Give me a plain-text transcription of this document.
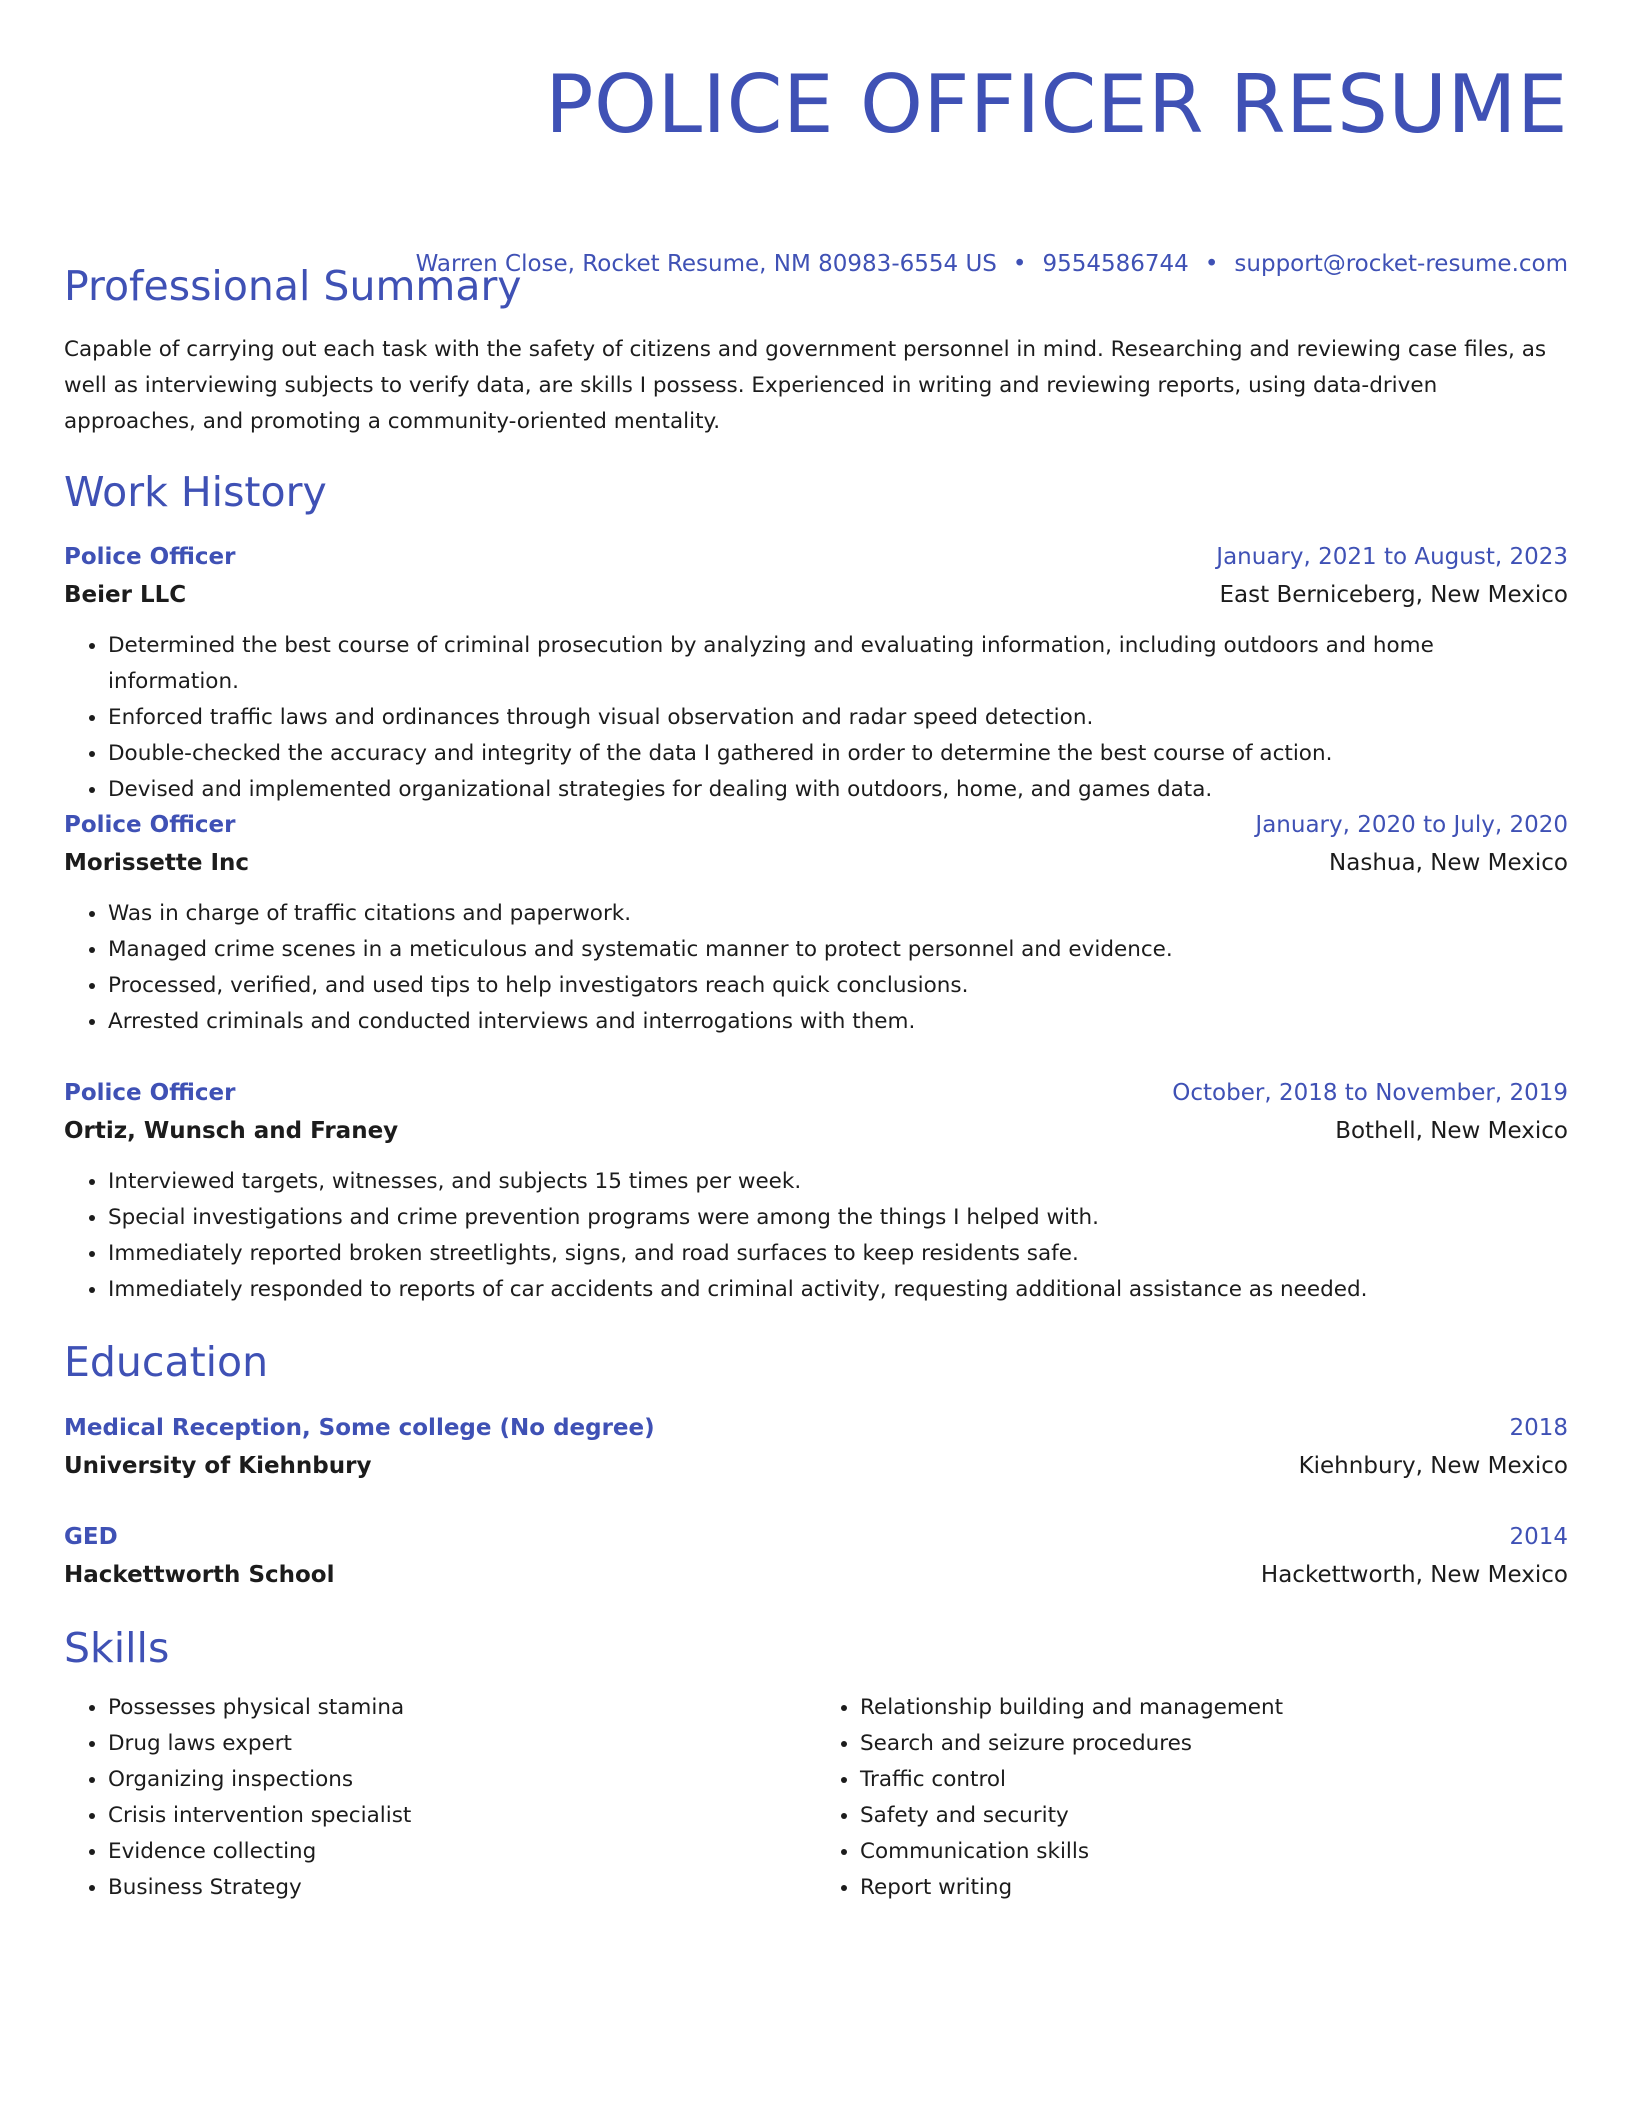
POLICE OFFICER RESUME
Warren Close, Rocket Resume, NM 80983-6554 US • 9554586744 • support@rocket-resume.com
Professional Summary

Capable of carrying out each task with the safety of citizens and government personnel in mind. Researching and reviewing case files, as well as interviewing subjects to verify data, are skills I possess. Experienced in writing and reviewing reports, using data-driven approaches, and promoting a community-oriented mentality.

Work History
Police Officer	January, 2021 to August, 2023
Beier LLC	East Berniceberg, New Mexico
• Determined the best course of criminal prosecution by analyzing and evaluating information, including outdoors and home information.
• Enforced traffic laws and ordinances through visual observation and radar speed detection.
• Double-checked the accuracy and integrity of the data I gathered in order to determine the best course of action.
• Devised and implemented organizational strategies for dealing with outdoors, home, and games data.
Police Officer	January, 2020 to July, 2020
Morissette Inc	Nashua, New Mexico
• Was in charge of traffic citations and paperwork.
• Managed crime scenes in a meticulous and systematic manner to protect personnel and evidence.
• Processed, verified, and used tips to help investigators reach quick conclusions.
• Arrested criminals and conducted interviews and interrogations with them.
Police Officer	October, 2018 to November, 2019
Ortiz, Wunsch and Franey	Bothell, New Mexico
• Interviewed targets, witnesses, and subjects 15 times per week.
• Special investigations and crime prevention programs were among the things I helped with.
• Immediately reported broken streetlights, signs, and road surfaces to keep residents safe.
• Immediately responded to reports of car accidents and criminal activity, requesting additional assistance as needed.
Education
Medical Reception, Some college (No degree)	2018
University of Kiehnbury	Kiehnbury, New Mexico
GED	2014
Hackettworth School	Hackettworth, New Mexico
Skills
• Possesses physical stamina
• Drug laws expert
• Organizing inspections
• Crisis intervention specialist
• Evidence collecting
• Business Strategy
• Relationship building and management
• Search and seizure procedures
• Traffic control
• Safety and security
• Communication skills
• Report writing
